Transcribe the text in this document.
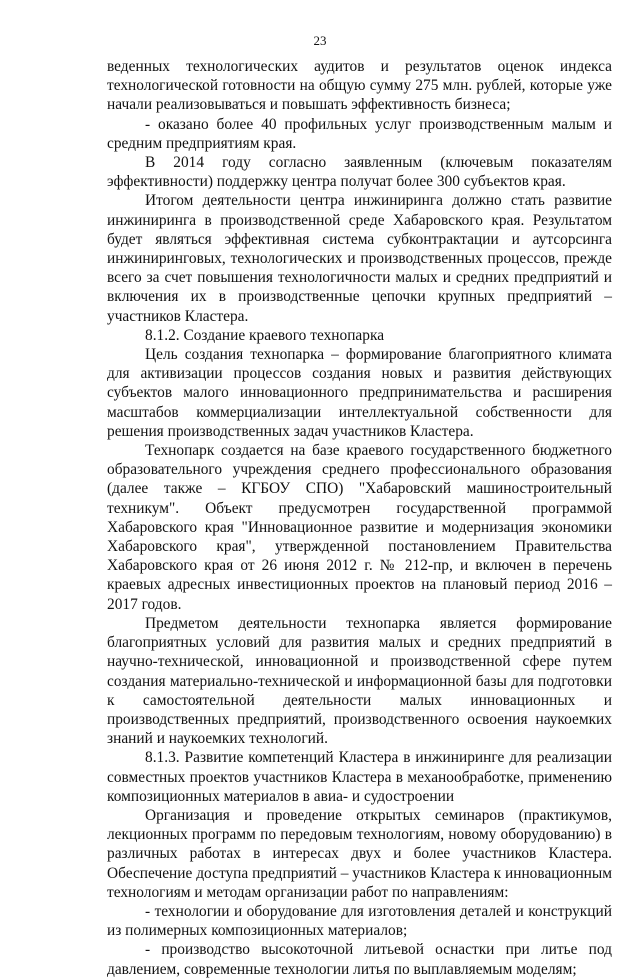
23

веденных технологических аудитов и результатов оценок индекса технологической готовности на общую сумму 275 млн. рублей, которые уже начали реализовываться и повышать эффективность бизнеса;

- оказано более 40 профильных услуг производственным малым и средним предприятиям края.

В 2014 году согласно заявленным (ключевым показателям эффективности) поддержку центра получат более 300 субъектов края.

Итогом деятельности центра инжиниринга должно стать развитие инжиниринга в производственной среде Хабаровского края. Результатом будет являться эффективная система субконтрактации и аутсорсинга инжиниринговых, технологических и производственных процессов, прежде всего за счет повышения технологичности малых и средних предприятий и включения их в производственные цепочки крупных предприятий – участников Кластера.

8.1.2. Создание краевого технопарка

Цель создания технопарка – формирование благоприятного климата для активизации процессов создания новых и развития действующих субъектов малого инновационного предпринимательства и расширения масштабов коммерциализации интеллектуальной собственности для решения производственных задач участников Кластера.

Технопарк создается на базе краевого государственного бюджетного образовательного учреждения среднего профессионального образования (далее также – КГБОУ СПО) "Хабаровский машиностроительный техникум". Объект предусмотрен государственной программой Хабаровского края "Инновационное развитие и модернизация экономики Хабаровского края", утвержденной постановлением Правительства Хабаровского края от 26 июня 2012 г. № 212-пр, и включен в перечень краевых адресных инвестиционных проектов на плановый период 2016 – 2017 годов.

Предметом деятельности технопарка является формирование благоприятных условий для развития малых и средних предприятий в научно-технической, инновационной и производственной сфере путем создания материально-технической и информационной базы для подготовки к самостоятельной деятельности малых инновационных и производственных предприятий, производственного освоения наукоемких знаний и наукоемких технологий.

8.1.3. Развитие компетенций Кластера в инжиниринге для реализации совместных проектов участников Кластера в механообработке, применению композиционных материалов в авиа- и судостроении

Организация и проведение открытых семинаров (практикумов, лекционных программ по передовым технологиям, новому оборудованию) в различных работах в интересах двух и более участников Кластера. Обеспечение доступа предприятий – участников Кластера к инновационным технологиям и методам организации работ по направлениям:

- технологии и оборудование для изготовления деталей и конструкций из полимерных композиционных материалов;

- производство высокоточной литьевой оснастки при литье под давлением, современные технологии литья по выплавляемым моделям;
